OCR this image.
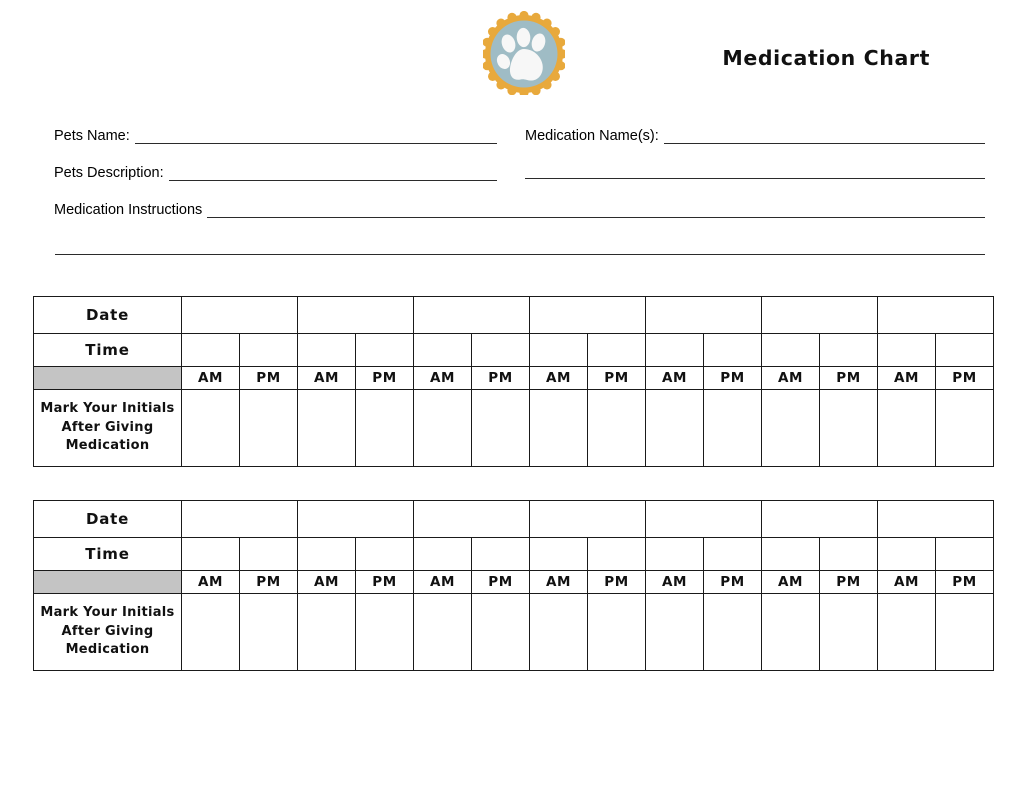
Medication Chart
Pets Name:
Pets Description:
Medication Instructions
Medication Name(s):
Date														
Time														
	AM	PM	AM	PM	AM	PM	AM	PM	AM	PM	AM	PM	AM	PM
Mark Your Initials After Giving Medication														
Date														
Time														
	AM	PM	AM	PM	AM	PM	AM	PM	AM	PM	AM	PM	AM	PM
Mark Your Initials After Giving Medication														
